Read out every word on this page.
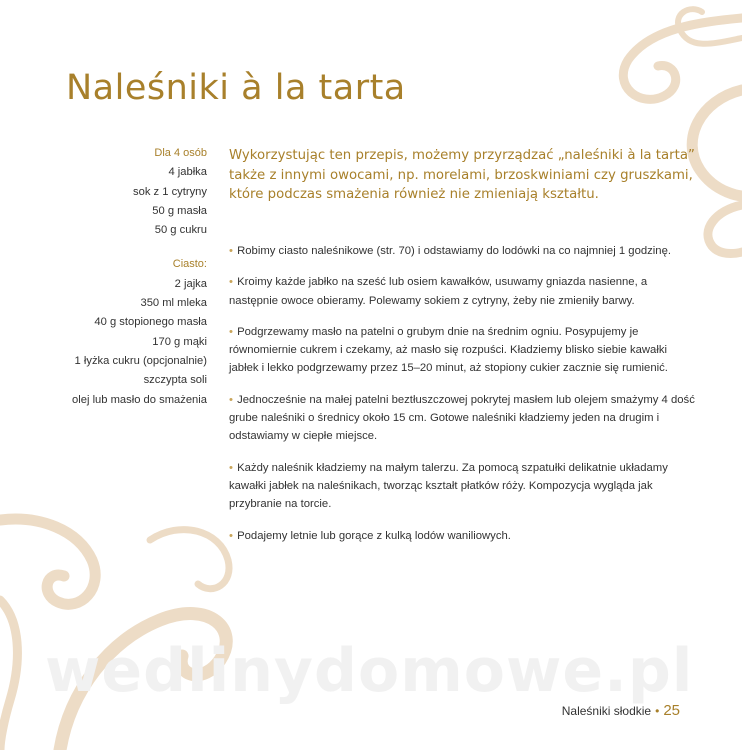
Naleśniki à la tarta
Dla 4 osób
4 jabłka
sok z 1 cytryny
50 g masła
50 g cukru
Ciasto:
2 jajka
350 ml mleka
40 g stopionego masła
170 g mąki
1 łyżka cukru (opcjonalnie)
szczypta soli
olej lub masło do smażenia
Wykorzystując ten przepis, możemy przyrządzać „naleśniki à la tarta” także z innymi owocami, np. morelami, brzoskwiniami czy gruszkami, które podczas smażenia również nie zmieniają kształtu.
• Robimy ciasto naleśnikowe (str. 70) i odstawiamy do lodówki na co najmniej 1 godzinę.
• Kroimy każde jabłko na sześć lub osiem kawałków, usuwamy gniazda nasienne, a następnie owoce obieramy. Polewamy sokiem z cytryny, żeby nie zmieniły barwy.
• Podgrzewamy masło na patelni o grubym dnie na średnim ogniu. Posypujemy je równomiernie cukrem i czekamy, aż masło się rozpuści. Kładziemy blisko siebie kawałki jabłek i lekko podgrzewamy przez 15–20 minut, aż stopiony cukier zacznie się rumienić.
• Jednocześnie na małej patelni beztłuszczowej pokrytej masłem lub olejem smażymy 4 dość grube naleśniki o średnicy około 15 cm. Gotowe naleśniki kładziemy jeden na drugim i odstawiamy w ciepłe miejsce.
• Każdy naleśnik kładziemy na małym talerzu. Za pomocą szpatułki delikatnie układamy kawałki jabłek na naleśnikach, tworząc kształt płatków róży. Kompozycja wygląda jak przybranie na torcie.
• Podajemy letnie lub gorące z kulką lodów waniliowych.
wedlinydomowe.pl
Naleśniki słodkie • 25
